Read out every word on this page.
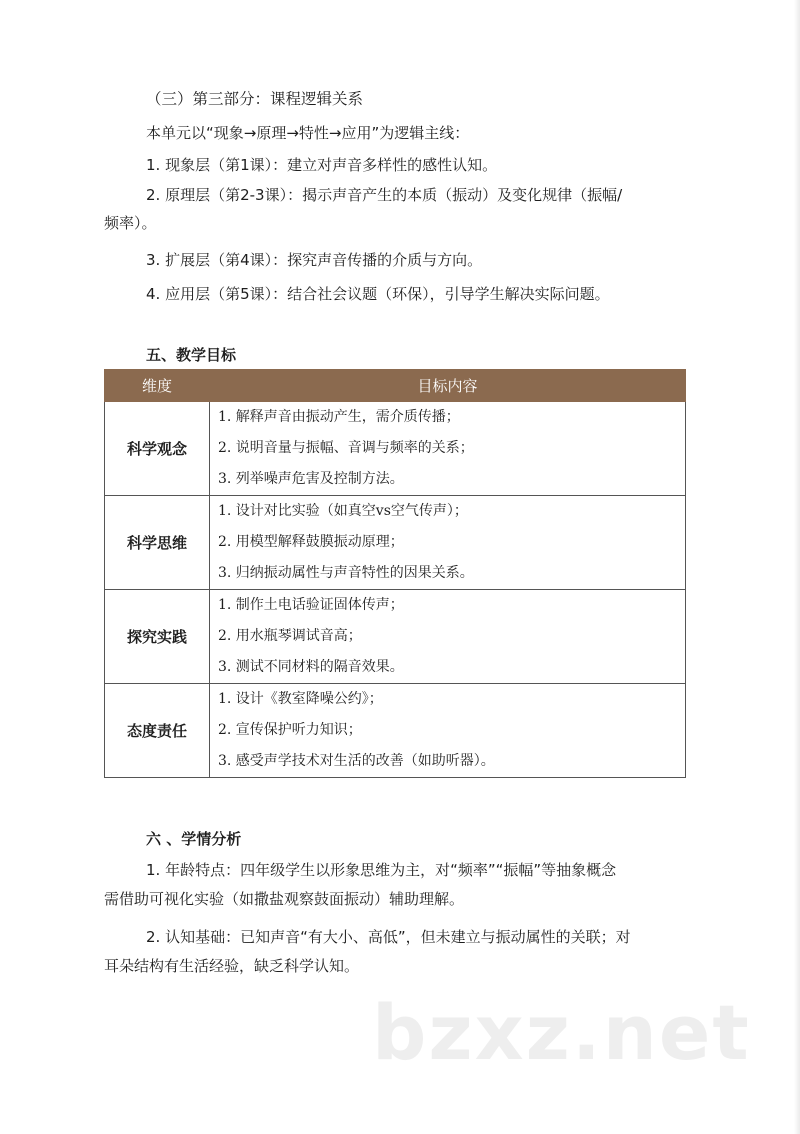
（三）第三部分：课程逻辑关系
本单元以“现象→原理→特性→应用”为逻辑主线：
1. 现象层（第1课）：建立对声音多样性的感性认知。
2. 原理层（第2-3课）：揭示声音产生的本质（振动）及变化规律（振幅/
频率）。
3. 扩展层（第4课）：探究声音传播的介质与方向。
4. 应用层（第5课）：结合社会议题（环保），引导学生解决实际问题。
五、教学目标
维度	目标内容
科学观念	1. 解释声音由振动产生，需介质传播；
2. 说明音量与振幅、音调与频率的关系；
3. 列举噪声危害及控制方法。

科学思维	1. 设计对比实验（如真空vs空气传声）；
2. 用模型解释鼓膜振动原理；
3. 归纳振动属性与声音特性的因果关系。

探究实践	1. 制作土电话验证固体传声；
2. 用水瓶琴调试音高；
3. 测试不同材料的隔音效果。

态度责任	1. 设计《教室降噪公约》；
2. 宣传保护听力知识；
3. 感受声学技术对生活的改善（如助听器）。
六 、学情分析
1. 年龄特点：四年级学生以形象思维为主，对“频率”“振幅”等抽象概念
需借助可视化实验（如撒盐观察鼓面振动）辅助理解。
2. 认知基础：已知声音“有大小、高低”，但未建立与振动属性的关联；对
耳朵结构有生活经验，缺乏科学认知。
bzxz.net
